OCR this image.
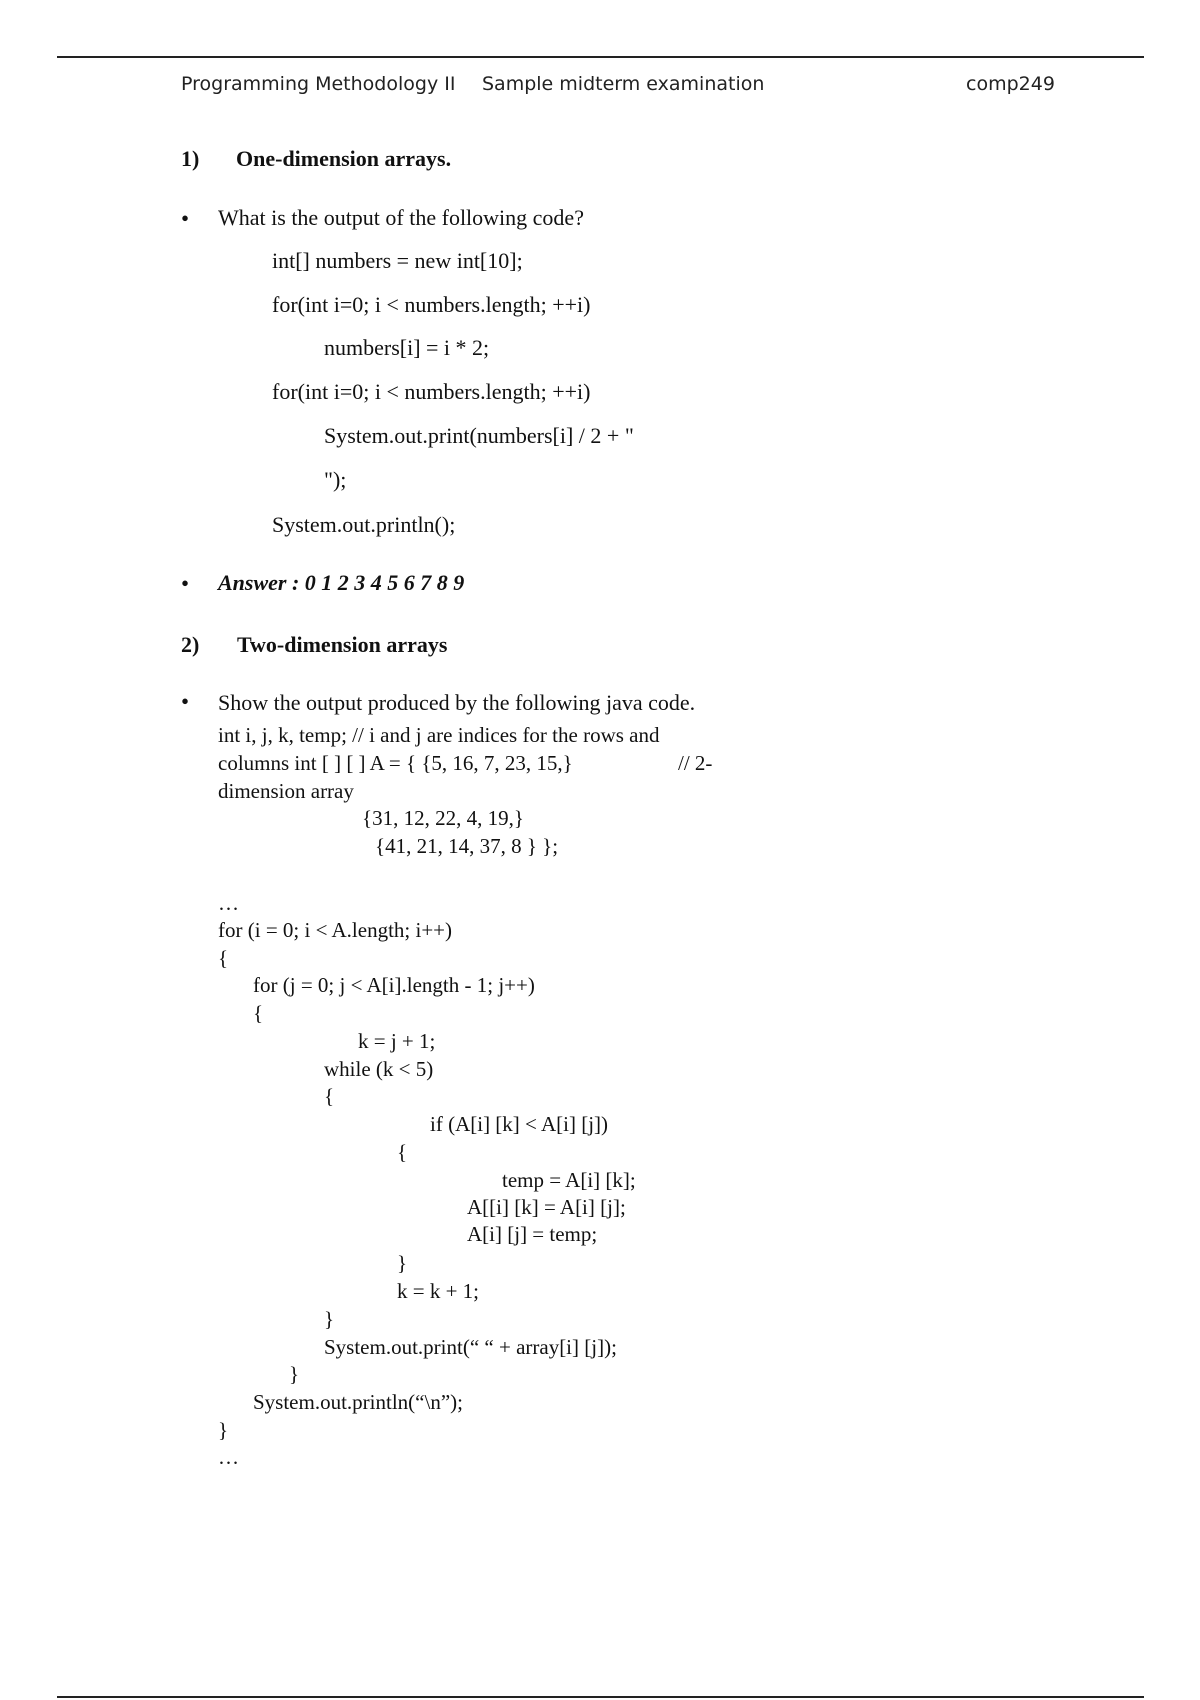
Programming Methodology II Sample midterm examination	comp249
1) One-dimension arrays.
• What is the output of the following code?
int[] numbers = new int[10];
for(int i=0; i < numbers.length; ++i)
numbers[i] = i * 2;
for(int i=0; i < numbers.length; ++i)
System.out.print(numbers[i] / 2 + "
");
System.out.println();
• Answer : 0 1 2 3 4 5 6 7 8 9
2) Two-dimension arrays
• Show the output produced by the following java code.
int i, j, k, temp; // i and j are indices for the rows and
columns int [ ] [ ] A = { {5, 16, 7, 23, 15,}	// 2-
dimension array
{31, 12, 22, 4, 19,}
{41, 21, 14, 37, 8 } };
…
for (i = 0; i < A.length; i++)
{
for (j = 0; j < A[i].length - 1; j++)
{
k = j + 1;
while (k < 5)
{
if (A[i] [k] < A[i] [j])
{
temp = A[i] [k];
A[[i] [k] = A[i] [j];
A[i] [j] = temp;
}
k = k + 1;
}
System.out.print(“ “ + array[i] [j]);
}
System.out.println(“\n”);
}
…
